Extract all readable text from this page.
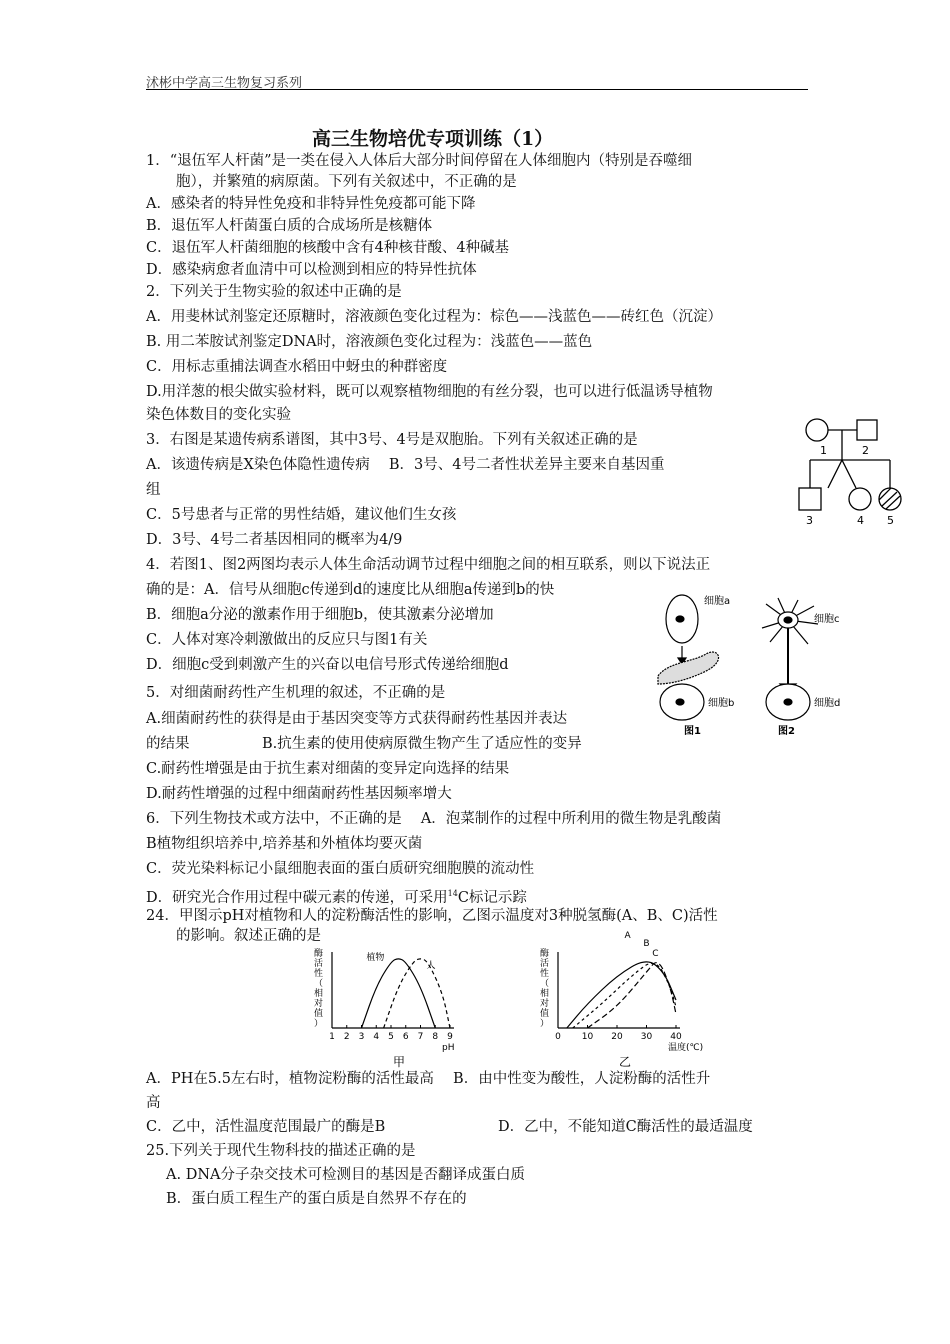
沭彬中学高三生物复习系列
高三生物培优专项训练（1）
1．“退伍军人杆菌”是一类在侵入人体后大部分时间停留在人体细胞内（特别是吞噬细
胞），并繁殖的病原菌。下列有关叙述中，不正确的是
A．感染者的特异性免疫和非特异性免疫都可能下降
B．退伍军人杆菌蛋白质的合成场所是核糖体
C．退伍军人杆菌细胞的核酸中含有4种核苷酸、4种碱基
D．感染病愈者血清中可以检测到相应的特异性抗体
2．下列关于生物实验的叙述中正确的是
A．用斐林试剂鉴定还原糖时，溶液颜色变化过程为：棕色——浅蓝色——砖红色（沉淀）
B. 用二苯胺试剂鉴定DNA时，溶液颜色变化过程为：浅蓝色——蓝色
C．用标志重捕法调查水稻田中蚜虫的种群密度
D.用洋葱的根尖做实验材料，既可以观察植物细胞的有丝分裂，也可以进行低温诱导植物
染色体数目的变化实验
3．右图是某遗传病系谱图，其中3号、4号是双胞胎。下列有关叙述正确的是
A．该遗传病是X染色体隐性遗传病　 B．3号、4号二者性状差异主要来自基因重
组
C．5号患者与正常的男性结婚，建议他们生女孩
D．3号、4号二者基因相同的概率为4/9
4．若图1、图2两图均表示人体生命活动调节过程中细胞之间的相互联系，则以下说法正
确的是：A．信号从细胞c传递到d的速度比从细胞a传递到b的快
B．细胞a分泌的激素作用于细胞b，使其激素分泌增加
C．人体对寒冷刺激做出的反应只与图1有关
D．细胞c受到刺激产生的兴奋以电信号形式传递给细胞d
5．对细菌耐药性产生机理的叙述，不正确的是
A.细菌耐药性的获得是由于基因突变等方式获得耐药性基因并表达
的结果　　　　　B.抗生素的使用使病原微生物产生了适应性的变异
C.耐药性增强是由于抗生素对细菌的变异定向选择的结果
D.耐药性增强的过程中细菌耐药性基因频率增大
6．下列生物技术或方法中，不正确的是　 A．泡菜制作的过程中所利用的微生物是乳酸菌
B植物组织培养中,培养基和外植体均要灭菌
C．荧光染料标记小鼠细胞表面的蛋白质研究细胞膜的流动性
D．研究光合作用过程中碳元素的传递，可采用$^{14}$C标记示踪
24．甲图示pH对植物和人的淀粉酶活性的影响，乙图示温度对3种脱氢酶(A、B、C)活性
的影响。叙述正确的是
A．PH在5.5左右时，植物淀粉酶的活性最高　 B．由中性变为酸性，人淀粉酶的活性升
高
C．乙中，活性温度范围最广的酶是B	D．乙中，不能知道C酶活性的最适温度
25.下列关于现代生物科技的描述正确的是
A. DNA分子杂交技术可检测目的基因是否翻译成蛋白质
B．蛋白质工程生产的蛋白质是自然界不存在的
1	2
3	4 5
细胞a
细胞b
细胞c
细胞d
图1	图2
酶
活
性
（
相
对
值
）
1 2 3 4 5 6 7 8 9
pH
植物
人
甲
酶
活
性
（
相
对
值
）
0 10 20 30 40
温度(℃)
A
B
C
乙
